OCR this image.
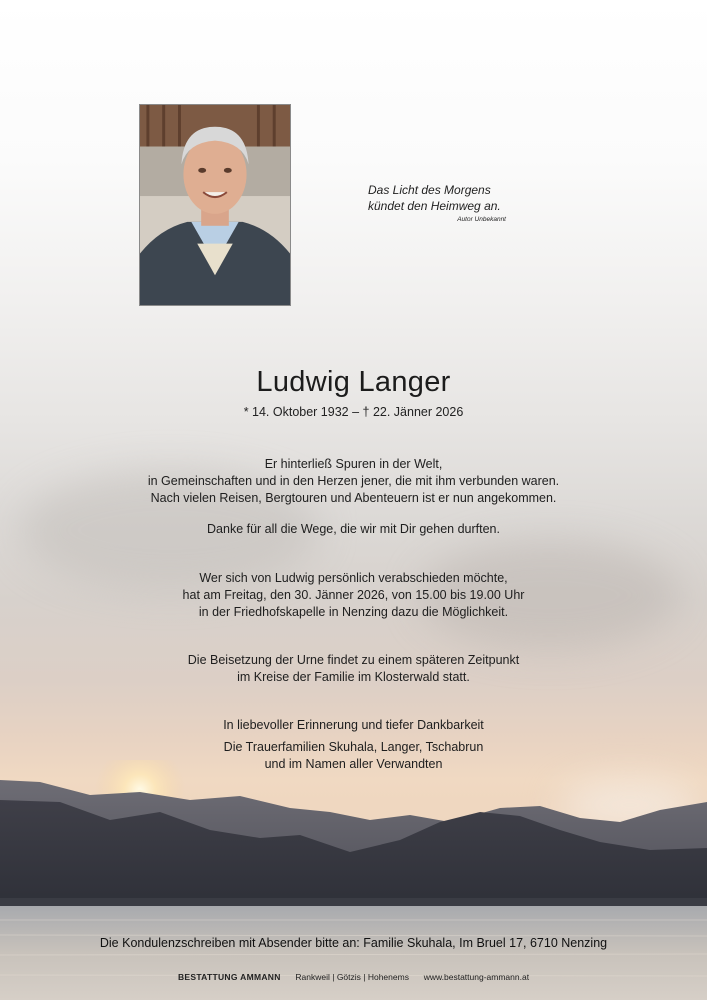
Das Licht des Morgens
kündet den Heimweg an.
Autor Unbekannt
Ludwig Langer
* 14. Oktober 1932 – † 22. Jänner 2026
Er hinterließ Spuren in der Welt,
in Gemeinschaften und in den Herzen jener, die mit ihm verbunden waren.
Nach vielen Reisen, Bergtouren und Abenteuern ist er nun angekommen.
Danke für all die Wege, die wir mit Dir gehen durften.
Wer sich von Ludwig persönlich verabschieden möchte,
hat am Freitag, den 30. Jänner 2026, von 15.00 bis 19.00 Uhr
in der Friedhofskapelle in Nenzing dazu die Möglichkeit.
Die Beisetzung der Urne findet zu einem späteren Zeitpunkt
im Kreise der Familie im Klosterwald statt.
In liebevoller Erinnerung und tiefer Dankbarkeit
Die Trauerfamilien Skuhala, Langer, Tschabrun
und im Namen aller Verwandten
Die Kondulenzschreiben mit Absender bitte an: Familie Skuhala, Im Bruel 17, 6710 Nenzing
BESTATTUNG AMMANN Rankweil | Götzis | Hohenems www.bestattung-ammann.at
